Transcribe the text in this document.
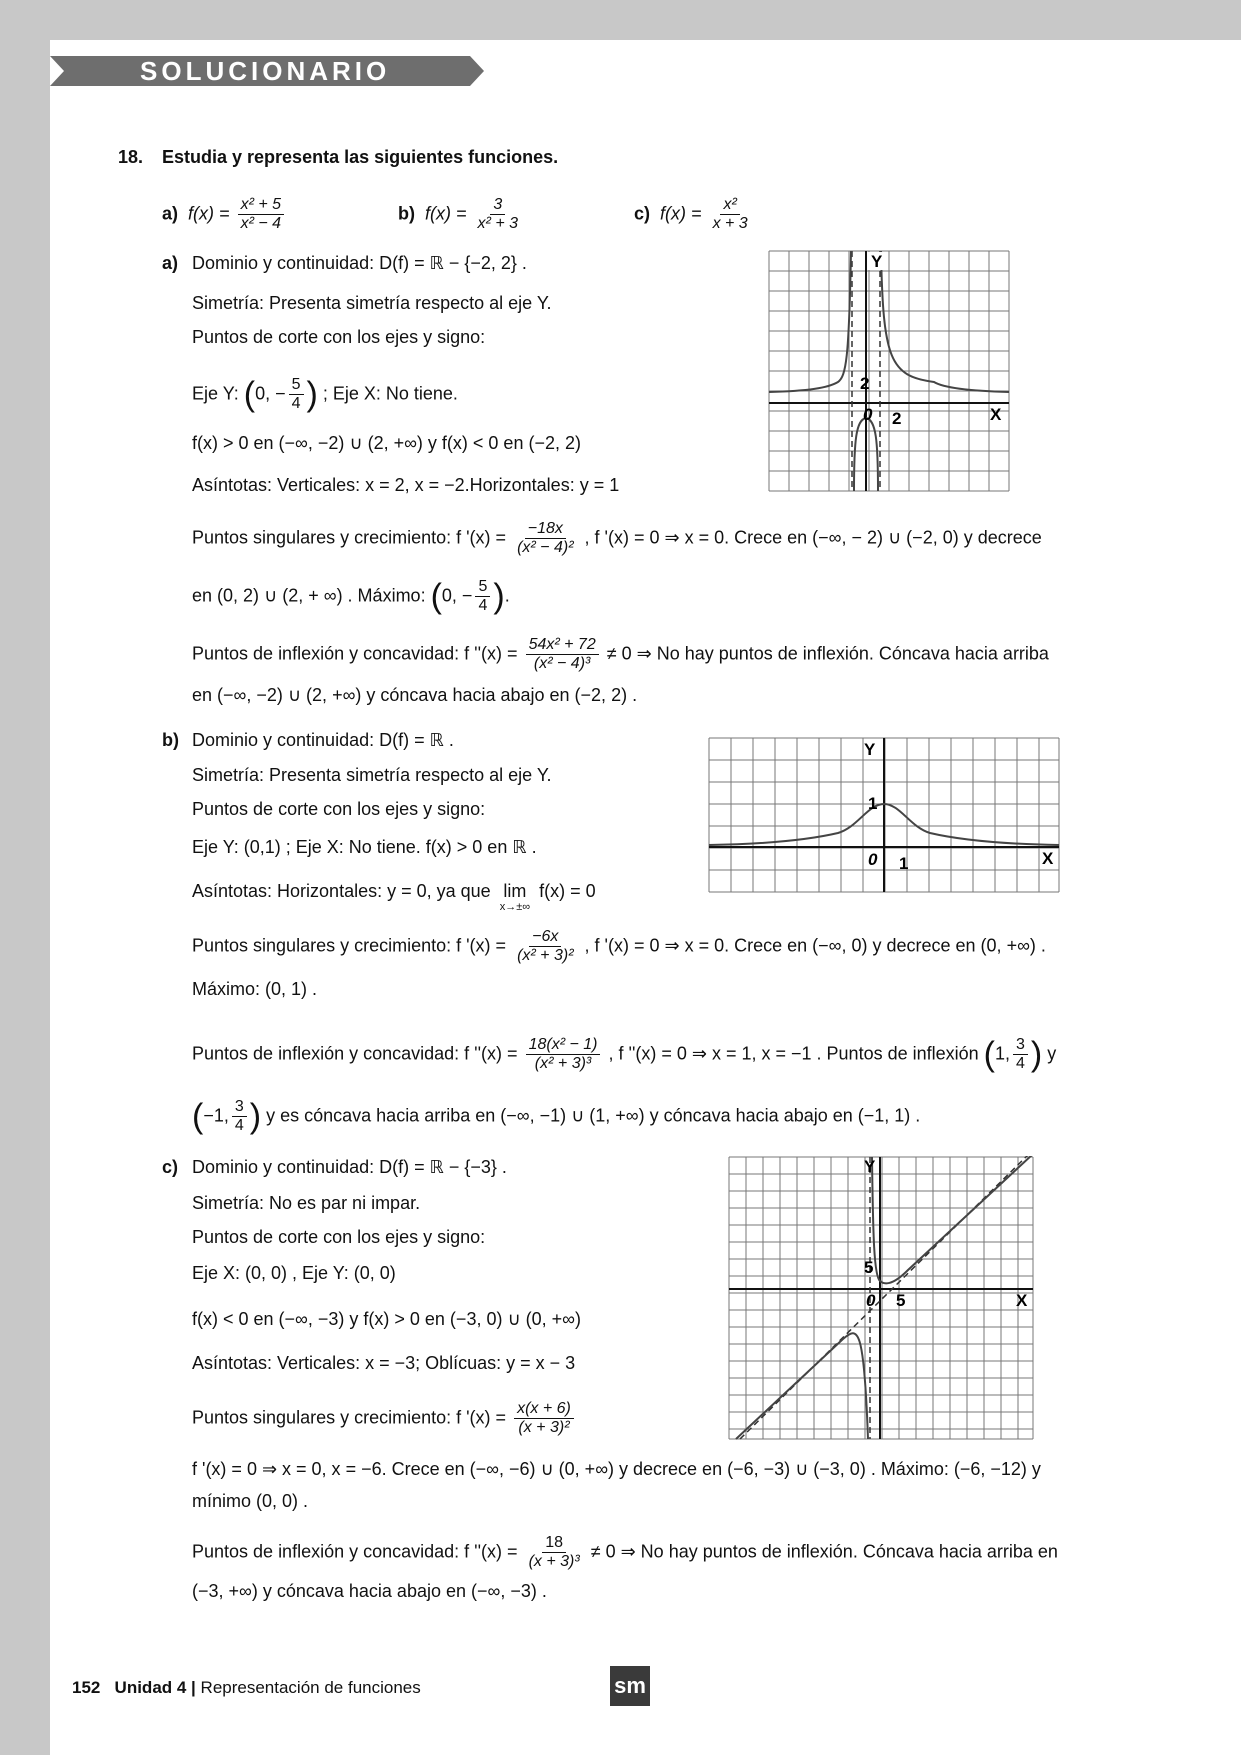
SOLUCIONARIO
18. Estudia y representa las siguientes funciones.
a) $f(x) = \frac{\text{x² + 5}}{\text{x² − 4}}$	b) $f(x) = \frac{3}{\text{x² + 3}}$	c) $f(x) = \frac{\text{x²}}{x + 3}$
a) Dominio y continuidad: D(f) = ℝ − {−2, 2} .
Simetría: Presenta simetría respecto al eje Y.
Puntos de corte con los ejes y signo:
Eje Y: (0, − $\frac{5}{4}$ ) ; Eje X: No tiene.
f(x) > 0 en (−∞, −2) ∪ (2, +∞) y f(x) < 0 en (−2, 2)
Asíntotas: Verticales: x = 2, x = −2.Horizontales: y = 1
Puntos singulares y crecimiento: f '$(x) = \frac{-18x}{\text{(x² − 4)²}}$ , f '(x) = 0 ⇒ x = 0. Crece en (−∞, − 2) ∪ (−2, 0) y decrece
en (0, 2) ∪ (2, + ∞) . Máximo: (0, − $\frac{5}{4}$ ).
Puntos de inflexión y concavidad: f ''$(x) = \frac{\text{54x² + 72}}{\text{(x² − 4)³}} \ne 0$ ⇒ No hay puntos de inflexión. Cóncava hacia arriba
en (−∞, −2) ∪ (2, +∞) y cóncava hacia abajo en (−2, 2) .
Y
X
0 2
2
b) Dominio y continuidad: D(f) = ℝ .
Simetría: Presenta simetría respecto al eje Y.
Puntos de corte con los ejes y signo:
Eje Y: (0,1) ; Eje X: No tiene. f(x) > 0 en ℝ .
Asíntotas: Horizontales: y = 0, ya que lim
x→±∞
f(x) = 0
Puntos singulares y crecimiento: f '$(x) = \frac{-6x}{\text{(x² + 3)²}}$ , f '(x) = 0 ⇒ x = 0. Crece en (−∞, 0) y decrece en (0, +∞) .
Máximo: (0, 1) .
Puntos de inflexión y concavidad: f ''$(x) = \frac{\text{18(x² − 1)}}{\text{(x² + 3)³}}$ , f ''(x) = 0 ⇒ x = 1, x = −1 . Puntos de inflexión (1, $\frac{3}{4}$ ) y
(−1, $\frac{3}{4}$ ) y es cóncava hacia arriba en (−∞, −1) ∪ (1, +∞) y cóncava hacia abajo en (−1, 1) .
Y
X
0 1
1
c) Dominio y continuidad: D(f) = ℝ − {−3} .
Simetría: No es par ni impar.
Puntos de corte con los ejes y signo:
Eje X: (0, 0) , Eje Y: (0, 0)
f(x) < 0 en (−∞, −3) y f(x) > 0 en (−3, 0) ∪ (0, +∞)
Asíntotas: Verticales: x = −3; Oblícuas: y = x − 3
Puntos singulares y crecimiento: f '$(x) = \frac{x(x + 6)}{\text{(x + 3)²}}$
f '(x) = 0 ⇒ x = 0, x = −6. Crece en (−∞, −6) ∪ (0, +∞) y decrece en (−6, −3) ∪ (−3, 0) . Máximo: (−6, −12) y
mínimo (0, 0) .
Puntos de inflexión y concavidad: f ''$(x) = \frac{18}{\text{(x + 3)³}} \ne 0$ ⇒ No hay puntos de inflexión. Cóncava hacia arriba en
(−3, +∞) y cóncava hacia abajo en (−∞, −3) .
Y
X
0 5
5
152 Unidad 4 | Representación de funciones	sm
